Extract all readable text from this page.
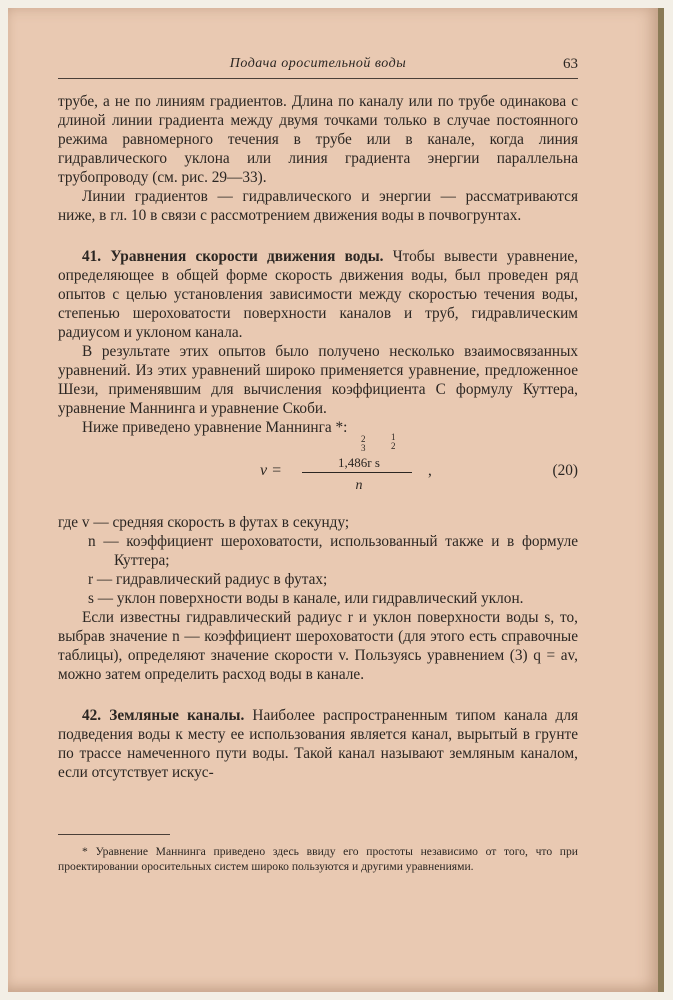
Подача оросительной воды	63

трубе, а не по линиям градиентов. Длина по каналу или по трубе одинакова с длиной линии градиента между двумя точками только в случае постоянного режима равномерного течения в трубе или в канале, когда линия гидравлического уклона или линия градиента энергии параллельна трубопроводу (см. рис. 29—33).

Линии градиентов — гидравлического и энергии — рассматриваются ниже, в гл. 10 в связи с рассмотрением движения воды в почвогрунтах.

41. Уравнения скорости движения воды. Чтобы вывести уравнение, определяющее в общей форме скорость движения воды, был проведен ряд опытов с целью установления зависимости между скоростью течения воды, степенью шероховатости поверхности каналов и труб, гидравлическим радиусом и уклоном канала.

В результате этих опытов было получено несколько взаимосвязанных уравнений. Из этих уравнений широко применяется уравнение, предложенное Шези, применявшим для вычисления коэффициента C формулу Куттера, уравнение Маннинга и уравнение Скоби.

Ниже приведено уравнение Маннинга *:

v =
2
3
1
2
1,486r s
n
,	(20)
где v — средняя скорость в футах в секунду;
n — коэффициент шероховатости, использованный также и в формуле Куттера;
r — гидравлический радиус в футах;
s — уклон поверхности воды в канале, или гидравлический уклон.

Если известны гидравлический радиус r и уклон поверхности воды s, то, выбрав значение n — коэффициент шероховатости (для этого есть справочные таблицы), определяют значение скорости v. Пользуясь уравнением (3) q = av, можно затем определить расход воды в канале.

42. Земляные каналы. Наиболее распространенным типом канала для подведения воды к месту ее использования является канал, вырытый в грунте по трассе намеченного пути воды. Такой канал называют земляным каналом, если отсутствует искус-

* Уравнение Маннинга приведено здесь ввиду его простоты независимо от того, что при проектировании оросительных систем широко пользуются и другими уравнениями.
